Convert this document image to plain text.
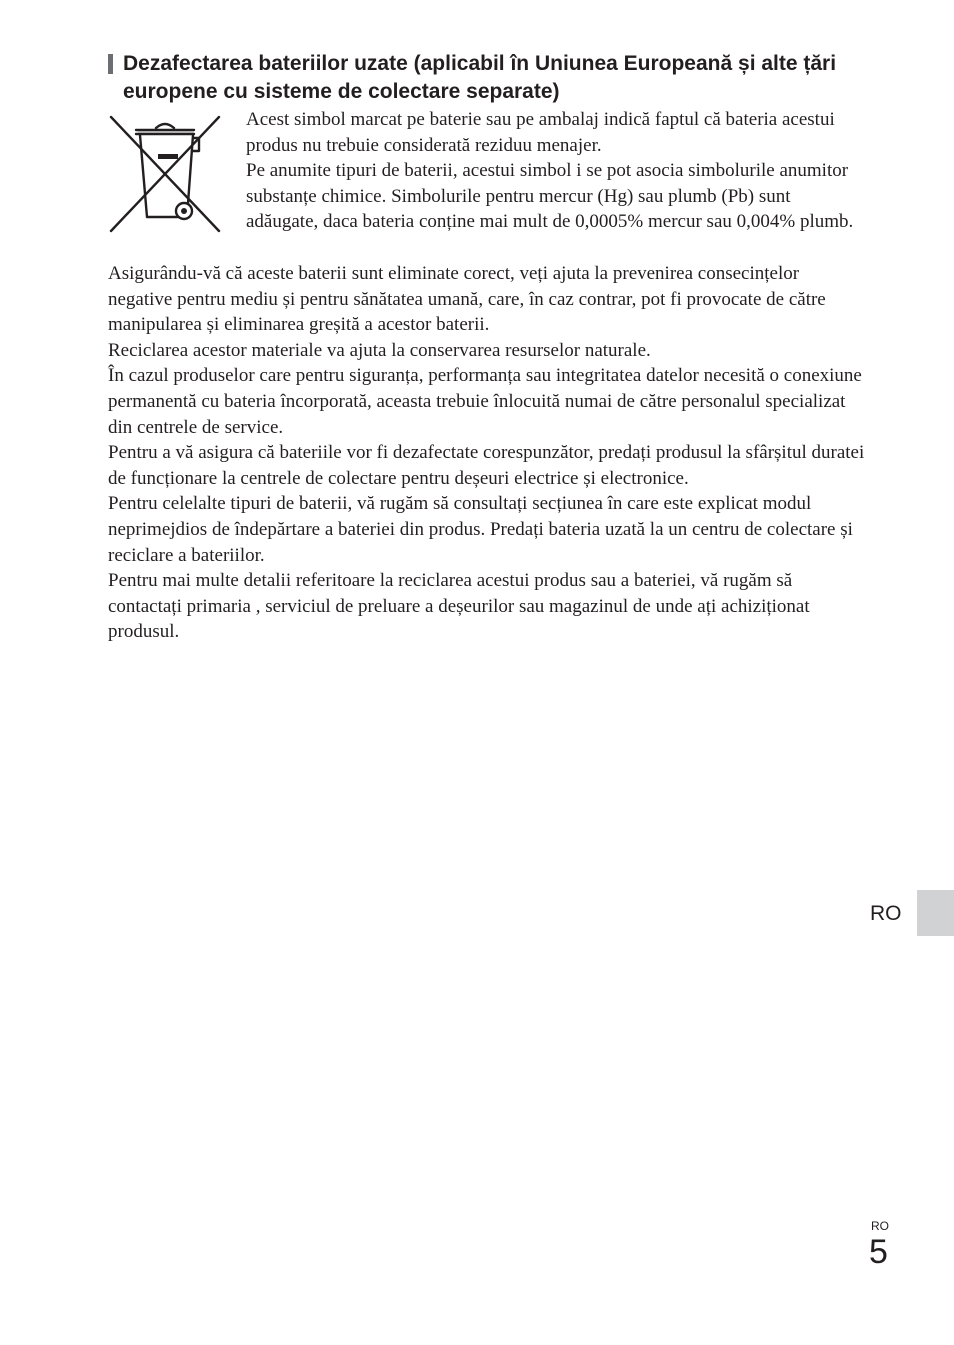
Dezafectarea bateriilor uzate (aplicabil în Uniunea Europeană și alte țări europene cu sisteme de colectare separate)

Acest simbol marcat pe baterie sau pe ambalaj indică faptul că bateria acestui produs nu trebuie considerată reziduu menajer.

Pe anumite tipuri de baterii, acestui simbol i se pot asocia simbolurile anumitor substanțe chimice. Simbolurile pentru mercur (Hg) sau plumb (Pb) sunt adăugate, daca bateria conține mai mult de 0,0005% mercur sau 0,004% plumb.

Asigurându-vă că aceste baterii sunt eliminate corect, veți ajuta la prevenirea consecințelor negative pentru mediu și pentru sănătatea umană, care, în caz contrar, pot fi provocate de către manipularea și eliminarea greșită a acestor baterii.

Reciclarea acestor materiale va ajuta la conservarea resurselor naturale.

În cazul produselor care pentru siguranța, performanța sau integritatea datelor necesită o conexiune permanentă cu bateria încorporată, aceasta trebuie înlocuită numai de către personalul specializat din centrele de service.

Pentru a vă asigura că bateriile vor fi dezafectate corespunzător, predați produsul la sfârșitul duratei de funcționare la centrele de colectare pentru deșeuri electrice și electronice.

Pentru celelalte tipuri de baterii, vă rugăm să consultați secțiunea în care este explicat modul neprimejdios de îndepărtare a bateriei din produs. Predați bateria uzată la un centru de colectare și reciclare a bateriilor.

Pentru mai multe detalii referitoare la reciclarea acestui produs sau a bateriei, vă rugăm să contactați primaria , serviciul de preluare a deșeurilor sau magazinul de unde ați achiziționat produsul.

RO
RO
5
